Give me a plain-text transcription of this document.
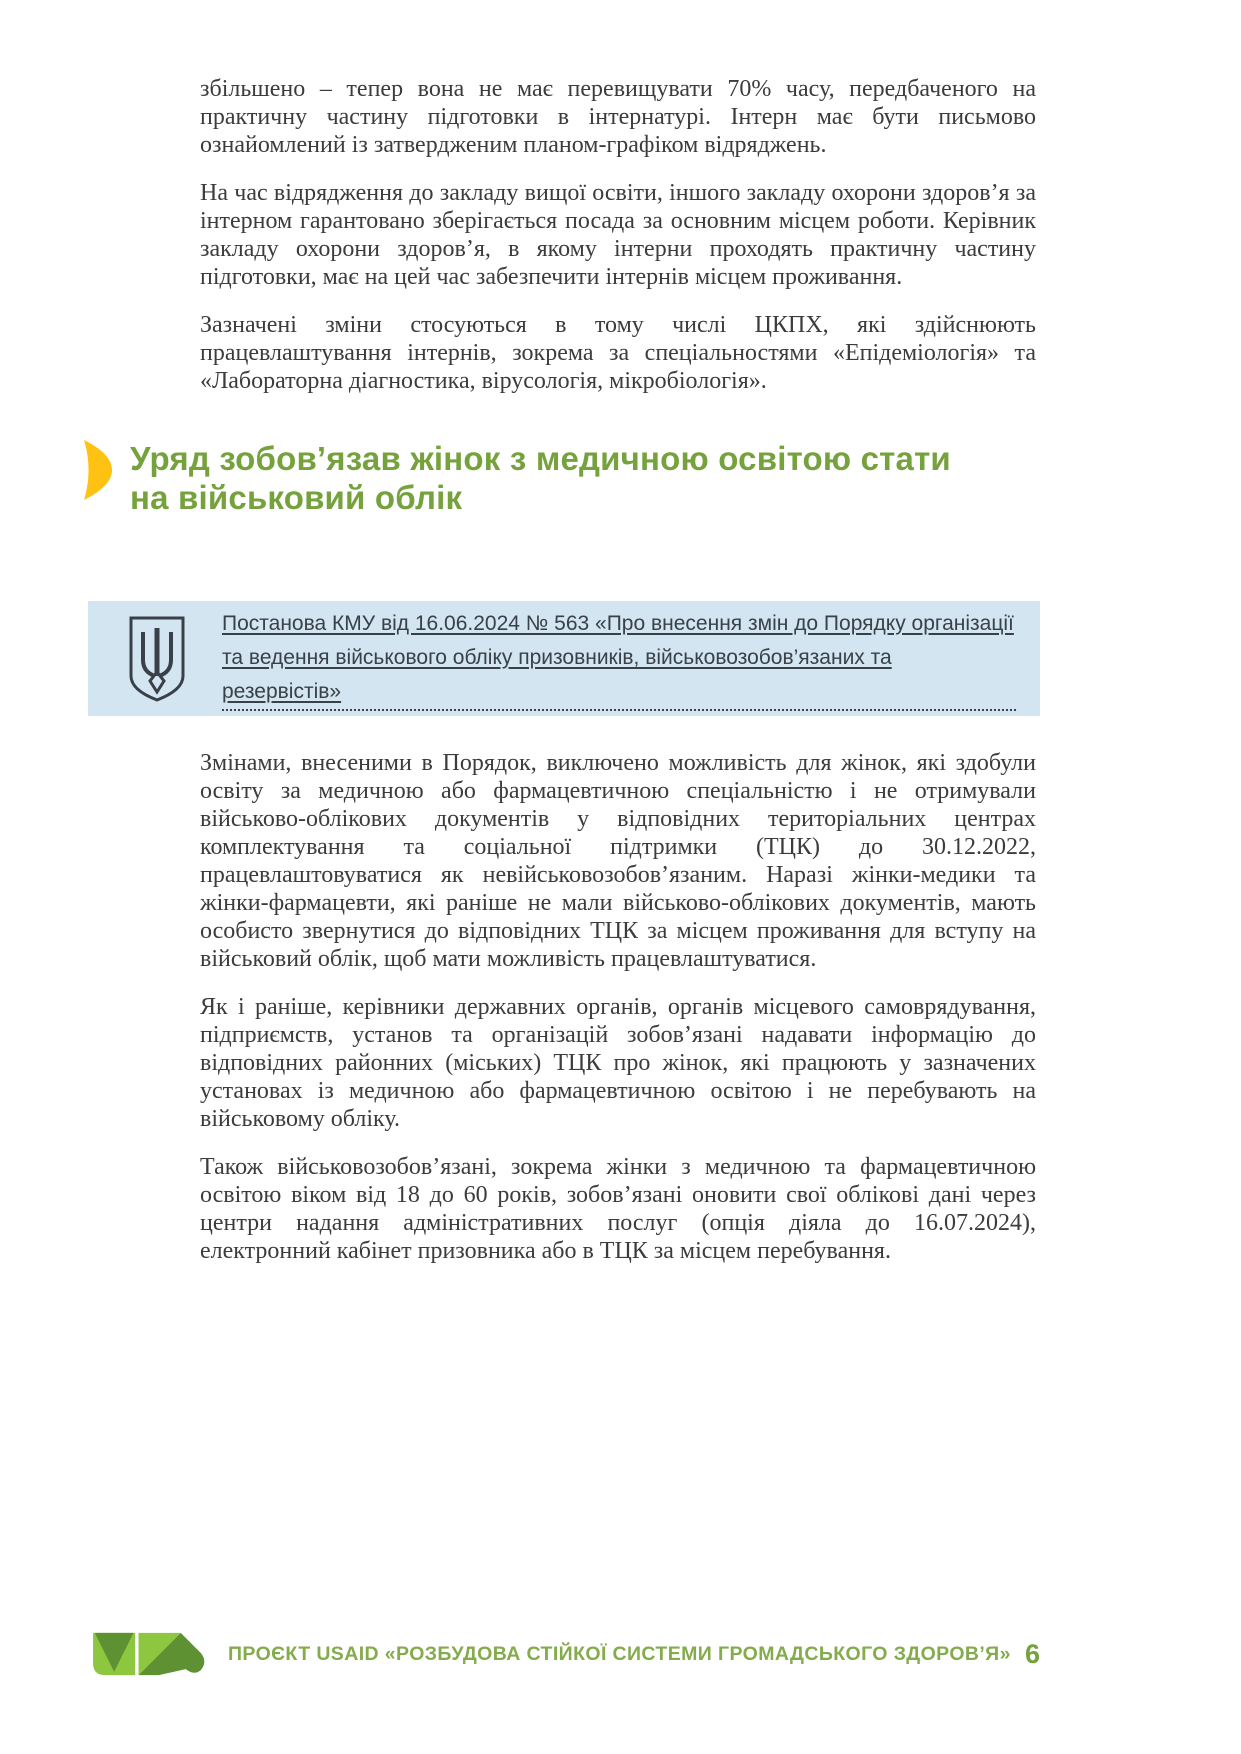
збільшено – тепер вона не має перевищувати 70% часу, передбаченого на практичну частину підготовки в інтернатурі. Інтерн має бути письмово ознайомлений із затвердженим планом-графіком відряджень.

На час відрядження до закладу вищої освіти, іншого закладу охорони здоров’я за інтерном гарантовано зберігається посада за основним місцем роботи. Керівник закладу охорони здоров’я, в якому інтерни проходять практичну частину підготовки, має на цей час забезпечити інтернів місцем проживання.

Зазначені зміни стосуються в тому числі ЦКПХ, які здійснюють працевлаштування інтернів, зокрема за спеціальностями «Епідеміологія» та «Лабораторна діагностика, вірусологія, мікробіологія».

Уряд зобов’язав жінок з медичною освітою стати
на військовий облік
Постанова КМУ від 16.06.2024 № 563 «Про внесення змін до Порядку організації та ведення військового обліку призовників, військовозобов’язаних та резервістів»

Змінами, внесеними в Порядок, виключено можливість для жінок, які здобули освіту за медичною або фармацевтичною спеціальністю і не отримували військово-облікових документів у відповідних територіальних центрах комплектування та соціальної підтримки (ТЦК) до 30.12.2022, працевлаштовуватися як невійськовозобов’язаним. Наразі жінки-медики та жінки-фармацевти, які раніше не мали військово-облікових документів, мають особисто звернутися до відповідних ТЦК за місцем проживання для вступу на військовий облік, щоб мати можливість працевлаштуватися.

Як і раніше, керівники державних органів, органів місцевого самоврядування, підприємств, установ та організацій зобов’язані надавати інформацію до відповідних районних (міських) ТЦК про жінок, які працюють у зазначених установах із медичною або фармацевтичною освітою і не перебувають на військовому обліку.

Також військовозобов’язані, зокрема жінки з медичною та фармацевтичною освітою віком від 18 до 60 років, зобов’язані оновити свої облікові дані через центри надання адміністративних послуг (опція діяла до 16.07.2024), електронний кабінет призовника або в ТЦК за місцем перебування.

ПРОЄКТ USAID «РОЗБУДОВА СТІЙКОЇ СИСТЕМИ ГРОМАДСЬКОГО ЗДОРОВ’Я» 6
